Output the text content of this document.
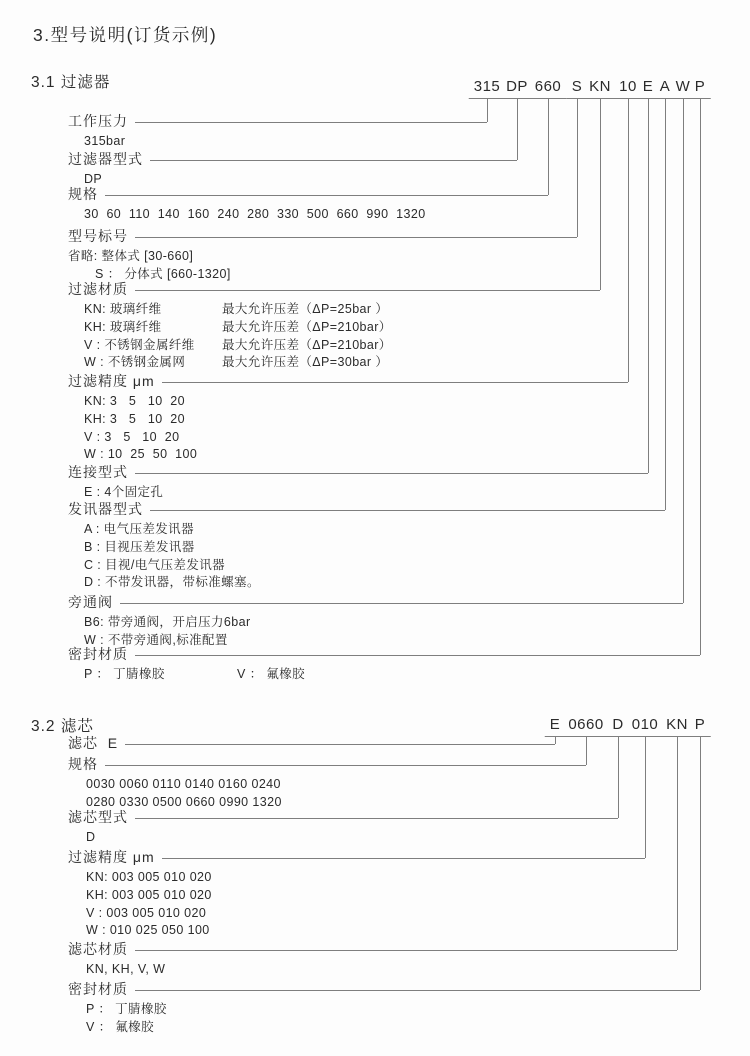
3.型号说明(订货示例)
3.1 过滤器	315 DP 660 S KN 10 E A W P
工作压力
315bar
过滤器型式
DP
规格
30  60  110  140  160  240  280  330  500  660  990  1320
型号标号
省略: 整体式 [30-660]
S ： 分体式 [660-1320]
过滤材质
KN: 玻璃纤维	最大允许压差（ΔP=25bar ）
KH: 玻璃纤维	最大允许压差（ΔP=210bar）
V : 不锈钢金属纤维 最大允许压差（ΔP=210bar）
W : 不锈钢金属网	最大允许压差（ΔP=30bar ）
过滤精度 μm
KN: 3   5   10  20
KH: 3   5   10  20
V : 3   5   10  20
W : 10  25  50  100
连接型式
E : 4个固定孔
发讯器型式
A : 电气压差发讯器
B : 目视压差发讯器
C : 目视/电气压差发讯器
D : 不带发讯器，带标准螺塞。
旁通阀
B6: 带旁通阀，开启压力6bar
W : 不带旁通阀,标准配置
密封材质
P ： 丁腈橡胶	V ： 氟橡胶
3.2 滤芯	E 0660 D 010 KN P
滤芯  E
规格
0030 0060 0110 0140 0160 0240
0280 0330 0500 0660 0990 1320
滤芯型式
D
过滤精度 μm
KN: 003 005 010 020
KH: 003 005 010 020
V : 003 005 010 020
W : 010 025 050 100
滤芯材质
KN, KH, V, W
密封材质
P ： 丁腈橡胶
V ： 氟橡胶
